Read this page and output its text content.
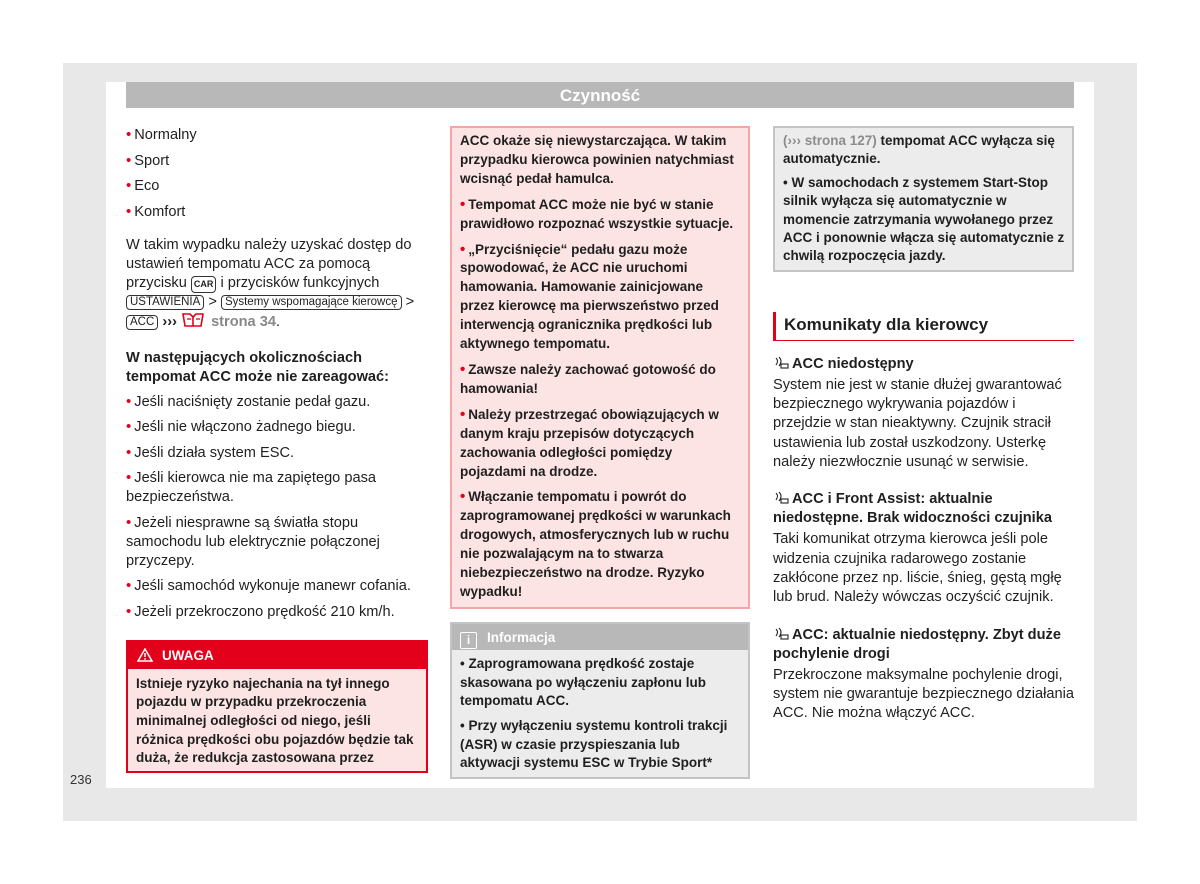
Czynność
• Normalny
• Sport
• Eco
• Komfort

W takim wypadku należy uzyskać dostęp do ustawień tempomatu ACC za pomocą przycisku CAR i przycisków funkcyjnych USTAWIENIA > Systemy wspomagające kierowcę > ACC ››› strona 34.

W następujących okolicznościach tempomat ACC może nie zareagować:

• Jeśli naciśnięty zostanie pedał gazu.
• Jeśli nie włączono żadnego biegu.
• Jeśli działa system ESC.
• Jeśli kierowca nie ma zapiętego pasa bezpieczeństwa.
• Jeżeli niesprawne są światła stopu samochodu lub elektrycznie połączonej przyczepy.
• Jeśli samochód wykonuje manewr cofania.
• Jeżeli przekroczono prędkość 210 km/h.
UWAGA
Istnieje ryzyko najechania na tył innego pojazdu w przypadku przekroczenia minimalnej odległości od niego, jeśli różnica prędkości obu pojazdów będzie tak duża, że redukcja zastosowana przez

ACC okaże się niewystarczająca. W takim przypadku kierowca powinien natychmiast wcisnąć pedał hamulca.

• Tempomat ACC może nie być w stanie prawidłowo rozpoznać wszystkie sytuacje.

• „Przyciśnięcie“ pedału gazu może spowodować, że ACC nie uruchomi hamowania. Hamowanie zainicjowane przez kierowcę ma pierwszeństwo przed interwencją ogranicznika prędkości lub aktywnego tempomatu.

• Zawsze należy zachować gotowość do hamowania!

• Należy przestrzegać obowiązujących w danym kraju przepisów dotyczących zachowania odległości pomiędzy pojazdami na drodze.

• Włączanie tempomatu i powrót do zaprogramowanej prędkości w warunkach drogowych, atmosferycznych lub w ruchu nie pozwalającym na to stwarza niebezpieczeństwo na drodze. Ryzyko wypadku!

i Informacja

• Zaprogramowana prędkość zostaje skasowana po wyłączeniu zapłonu lub tempomatu ACC.

• Przy wyłączeniu systemu kontroli trakcji (ASR) w czasie przyspieszania lub aktywacji systemu ESC w Trybie Sport*

(››› strona 127) tempomat ACC wyłącza się automatycznie.

• W samochodach z systemem Start-Stop silnik wyłącza się automatycznie w momencie zatrzymania wywołanego przez ACC i ponownie włącza się automatycznie z chwilą rozpoczęcia jazdy.

Komunikaty dla kierowcy
ACC niedostępny

System nie jest w stanie dłużej gwarantować bezpiecznego wykrywania pojazdów i przejdzie w stan nieaktywny. Czujnik stracił ustawienia lub został uszkodzony. Usterkę należy niezwłocznie usunąć w serwisie.

ACC i Front Assist: aktualnie niedostępne. Brak widoczności czujnika

Taki komunikat otrzyma kierowca jeśli pole widzenia czujnika radarowego zostanie zakłócone przez np. liście, śnieg, gęstą mgłę lub brud. Należy wówczas oczyścić czujnik.

ACC: aktualnie niedostępny. Zbyt duże pochylenie drogi

Przekroczone maksymalne pochylenie drogi, system nie gwarantuje bezpiecznego działania ACC. Nie można włączyć ACC.

236
